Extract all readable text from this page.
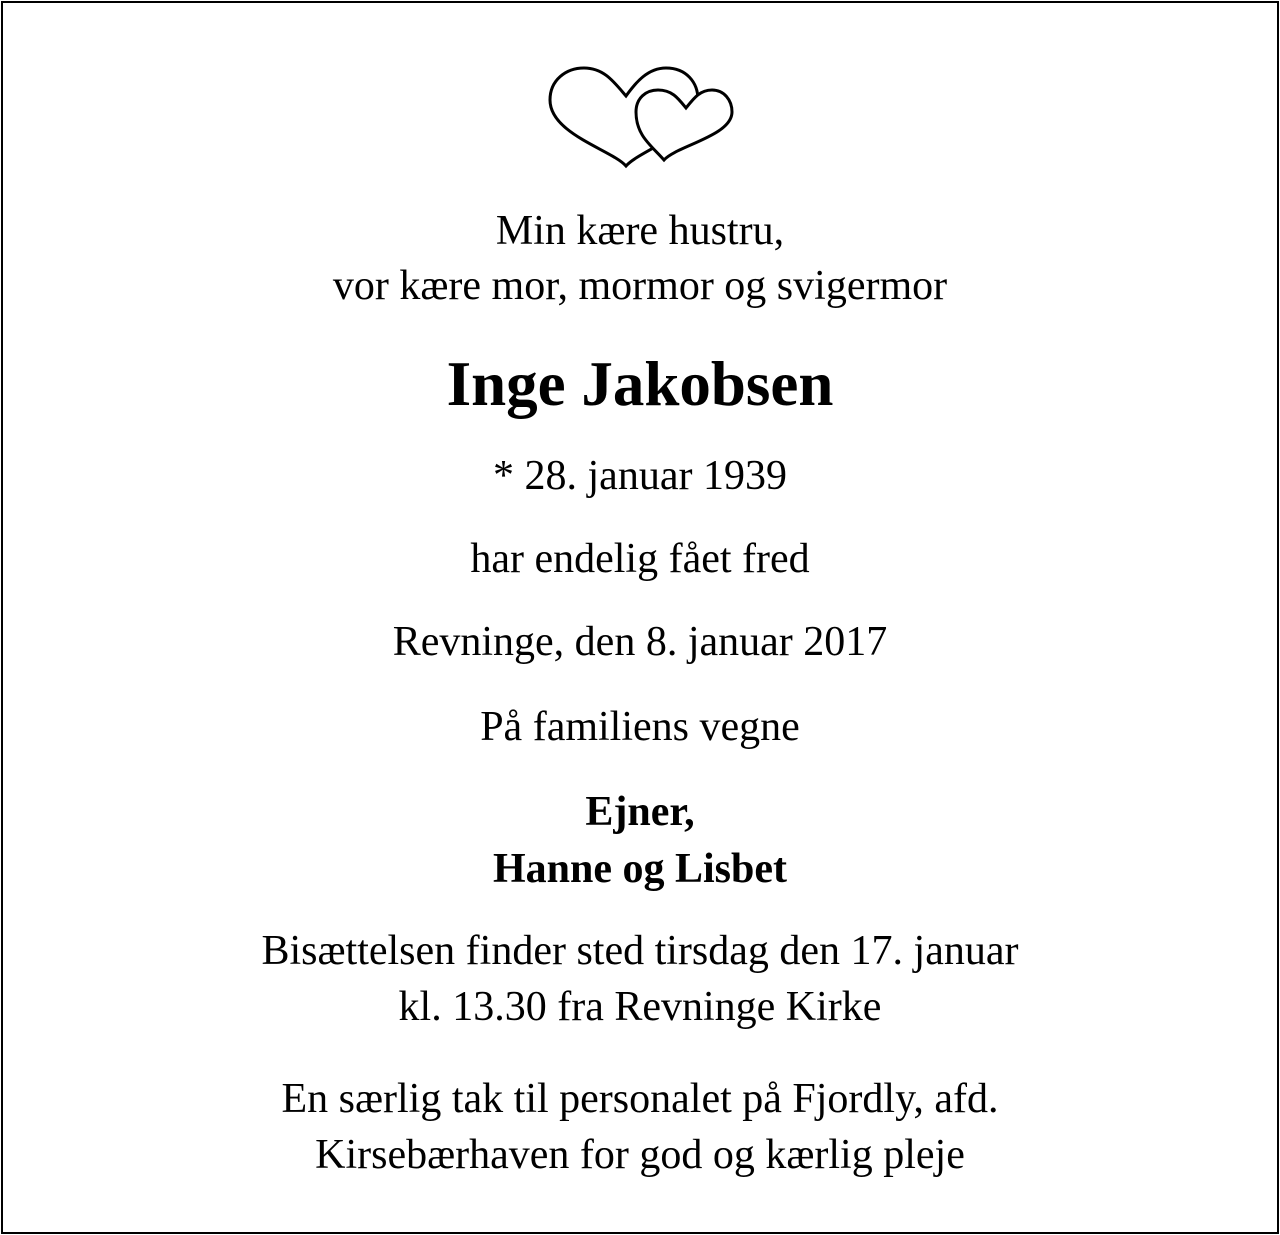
Min kære hustru,
vor kære mor, mormor og svigermor
Inge Jakobsen
* 28. januar 1939
har endelig fået fred
Revninge, den 8. januar 2017
På familiens vegne
Ejner,
Hanne og Lisbet
Bisættelsen finder sted tirsdag den 17. januar
kl. 13.30 fra Revninge Kirke
En særlig tak til personalet på Fjordly, afd.
Kirsebærhaven for god og kærlig pleje
